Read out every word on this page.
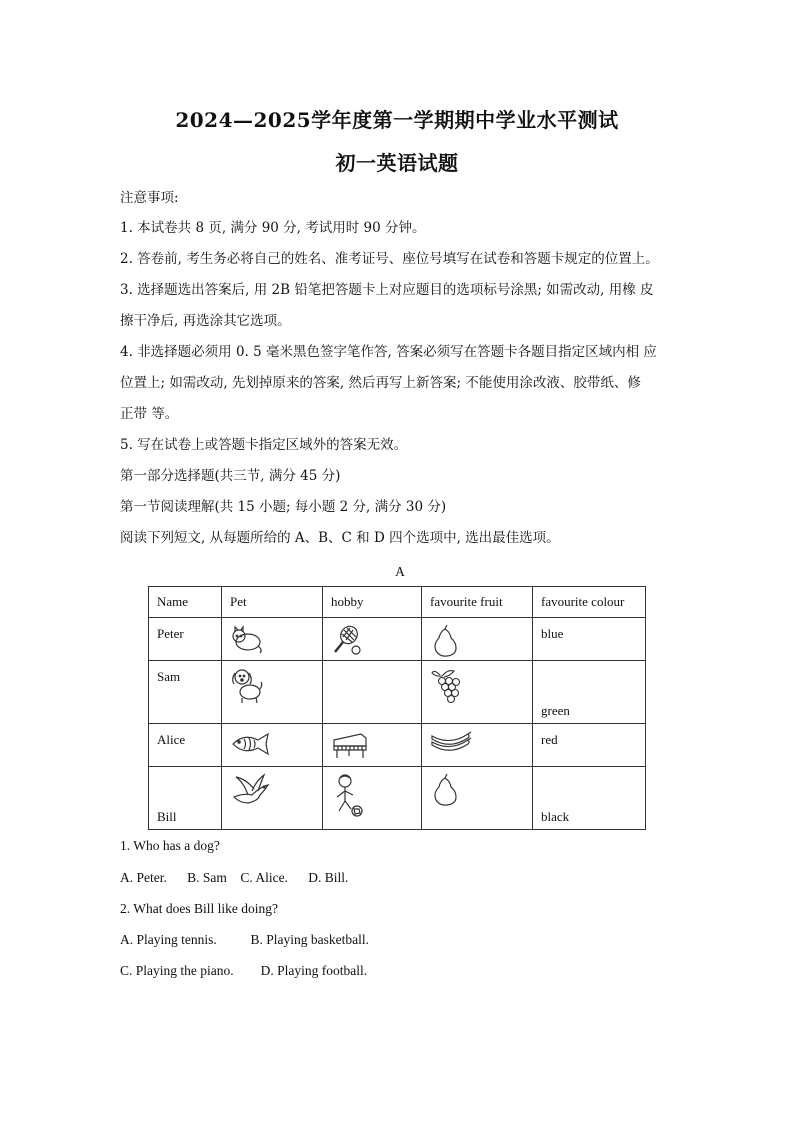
2024—2025学年度第一学期期中学业水平测试
初一英语试题
注意事项:
1. 本试卷共 8 页, 满分 90 分, 考试用时 90 分钟。
2. 答卷前, 考生务必将自己的姓名、准考证号、座位号填写在试卷和答题卡规定的位置上。
3. 选择题选出答案后, 用 2B 铅笔把答题卡上对应题目的选项标号涂黑; 如需改动, 用橡 皮
擦干净后, 再选涂其它选项。
4. 非选择题必须用 0. 5 毫米黑色签字笔作答, 答案必须写在答题卡各题目指定区域内相 应
位置上; 如需改动, 先划掉原来的答案, 然后再写上新答案; 不能使用涂改液、胶带纸、修
正带 等。
5. 写在试卷上或答题卡指定区域外的答案无效。
第一部分选择题(共三节, 满分 45 分)
第一节阅读理解(共 15 小题; 每小题 2 分, 满分 30 分)
阅读下列短文, 从每题所给的 A、B、C 和 D 四个选项中, 选出最佳选项。
A
Name	Pet	hobby	favourite fruit	favourite colour

Peter				blue

Sam				green

Alice				red

Bill				black
1. Who has a dog?
A. Peter.      B. Sam    C. Alice.      D. Bill.
2. What does Bill like doing?
A. Playing tennis.          B. Playing basketball.
C. Playing the piano.        D. Playing football.
